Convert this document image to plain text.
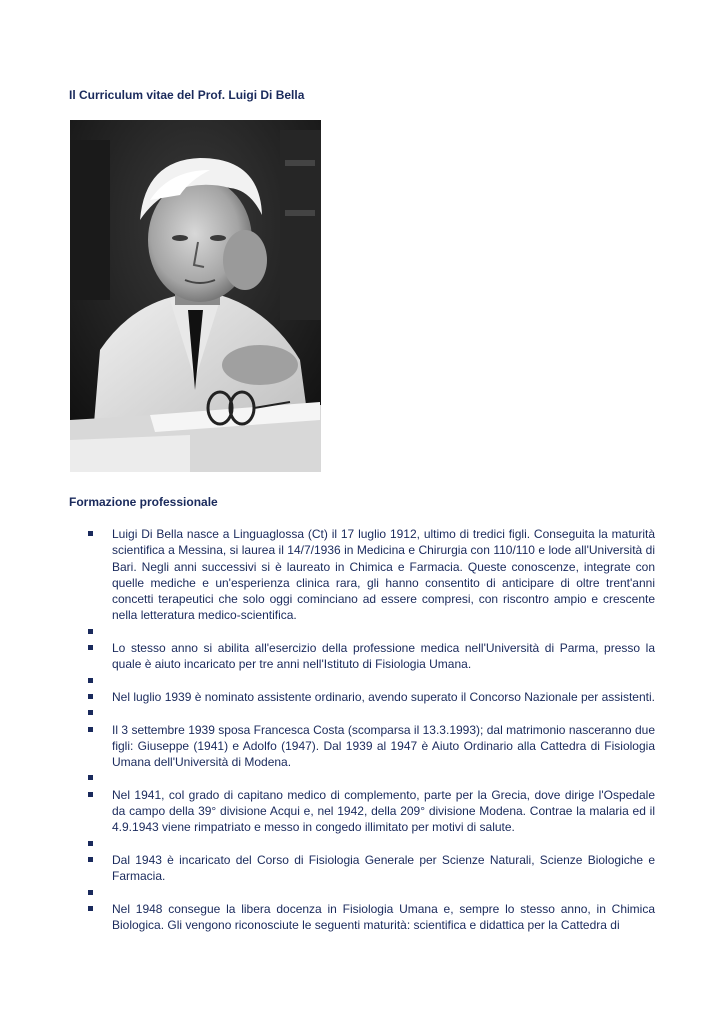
Il Curriculum vitae del Prof. Luigi Di Bella
Formazione professionale
Luigi Di Bella nasce a Linguaglossa (Ct) il 17 luglio 1912, ultimo di tredici figli. Conseguita la maturità scientifica a Messina, si laurea il 14/7/1936 in Medicina e Chirurgia con 110/110 e lode all'Università di Bari. Negli anni successivi si è laureato in Chimica e Farmacia. Queste conoscenze, integrate con quelle mediche e un'esperienza clinica rara, gli hanno consentito di anticipare di oltre trent'anni concetti terapeutici che solo oggi cominciano ad essere compresi, con riscontro ampio e crescente nella letteratura medico-scientifica.
Lo stesso anno si abilita all'esercizio della professione medica nell'Università di Parma, presso la quale è aiuto incaricato per tre anni nell'Istituto di Fisiologia Umana.
Nel luglio 1939 è nominato assistente ordinario, avendo superato il Concorso Nazionale per assistenti.
Il 3 settembre 1939 sposa Francesca Costa (scomparsa il 13.3.1993); dal matrimonio nasceranno due figli: Giuseppe (1941) e Adolfo (1947). Dal 1939 al 1947 è Aiuto Ordinario alla Cattedra di Fisiologia Umana dell'Università di Modena.
Nel 1941, col grado di capitano medico di complemento, parte per la Grecia, dove dirige l'Ospedale da campo della 39° divisione Acqui e, nel 1942, della 209° divisione Modena. Contrae la malaria ed il 4.9.1943 viene rimpatriato e messo in congedo illimitato per motivi di salute.
Dal 1943 è incaricato del Corso di Fisiologia Generale per Scienze Naturali, Scienze Biologiche e Farmacia.
Nel 1948 consegue la libera docenza in Fisiologia Umana e, sempre lo stesso anno, in Chimica Biologica. Gli vengono riconosciute le seguenti maturità: scientifica e didattica per la Cattedra di
